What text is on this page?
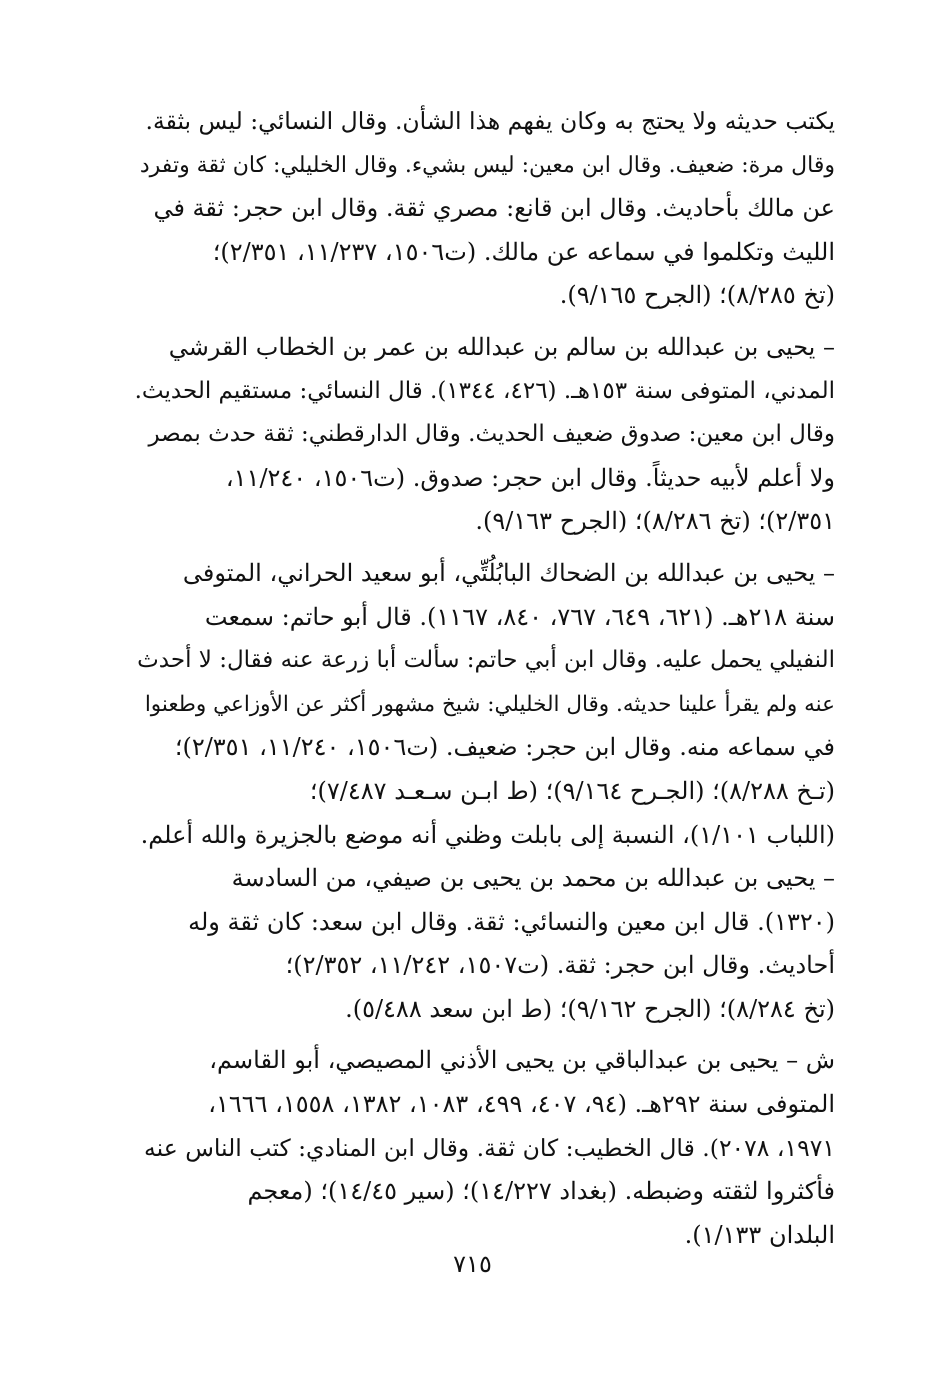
يكتب حديثه ولا يحتج به وكان يفهم هذا الشأن. وقال النسائي: ليس بثقة.
وقال مرة: ضعيف. وقال ابن معين: ليس بشيء. وقال الخليلي: كان ثقة وتفرد
عن مالك بأحاديث. وقال ابن قانع: مصري ثقة. وقال ابن حجر: ثقة في
الليث وتكلموا في سماعه عن مالك. (ت١٥٠٦، ١١/٢٣٧، ٢/٣٥١)؛
(تخ ٨/٢٨٥)؛ (الجرح ٩/١٦٥).
– يحيى بن عبدالله بن سالم بن عبدالله بن عمر بن الخطاب القرشي
المدني، المتوفى سنة ١٥٣هـ. (٤٢٦، ١٣٤٤). قال النسائي: مستقيم الحديث.
وقال ابن معين: صدوق ضعيف الحديث. وقال الدارقطني: ثقة حدث بمصر
ولا أعلم لأبيه حديثاً. وقال ابن حجر: صدوق. (ت١٥٠٦، ١١/٢٤٠،
٢/٣٥١)؛ (تخ ٨/٢٨٦)؛ (الجرح ٩/١٦٣).
– يحيى بن عبدالله بن الضحاك البابُلُتِّي، أبو سعيد الحراني، المتوفى
سنة ٢١٨هـ. (٦٢١، ٦٤٩، ٧٦٧، ٨٤٠، ١١٦٧). قال أبو حاتم: سمعت
النفيلي يحمل عليه. وقال ابن أبي حاتم: سألت أبا زرعة عنه فقال: لا أحدث
عنه ولم يقرأ علينا حديثه. وقال الخليلي: شيخ مشهور أكثر عن الأوزاعي وطعنوا
في سماعه منه. وقال ابن حجر: ضعيف. (ت١٥٠٦، ١١/٢٤٠، ٢/٣٥١)؛
(تـخ ٨/٢٨٨)؛ (الجـرح ٩/١٦٤)؛ (ط ابـن سـعـد ٧/٤٨٧)؛
(اللباب ١/١٠١)، النسبة إلى بابلت وظني أنه موضع بالجزيرة والله أعلم.
– يحيى بن عبدالله بن محمد بن يحيى بن صيفي، من السادسة
(١٣٢٠). قال ابن معين والنسائي: ثقة. وقال ابن سعد: كان ثقة وله
أحاديث. وقال ابن حجر: ثقة. (ت١٥٠٧، ١١/٢٤٢، ٢/٣٥٢)؛
(تخ ٨/٢٨٤)؛ (الجرح ٩/١٦٢)؛ (ط ابن سعد ٥/٤٨٨).
ش – يحيى بن عبدالباقي بن يحيى الأذني المصيصي، أبو القاسم،
المتوفى سنة ٢٩٢هـ. (٩٤، ٤٠٧، ٤٩٩، ١٠٨٣، ١٣٨٢، ١٥٥٨، ١٦٦٦،
١٩٧١، ٢٠٧٨). قال الخطيب: كان ثقة. وقال ابن المنادي: كتب الناس عنه
فأكثروا لثقته وضبطه. (بغداد ١٤/٢٢٧)؛ (سير ١٤/٤٥)؛ (معجم
البلدان ١/١٣٣).
٧١٥
